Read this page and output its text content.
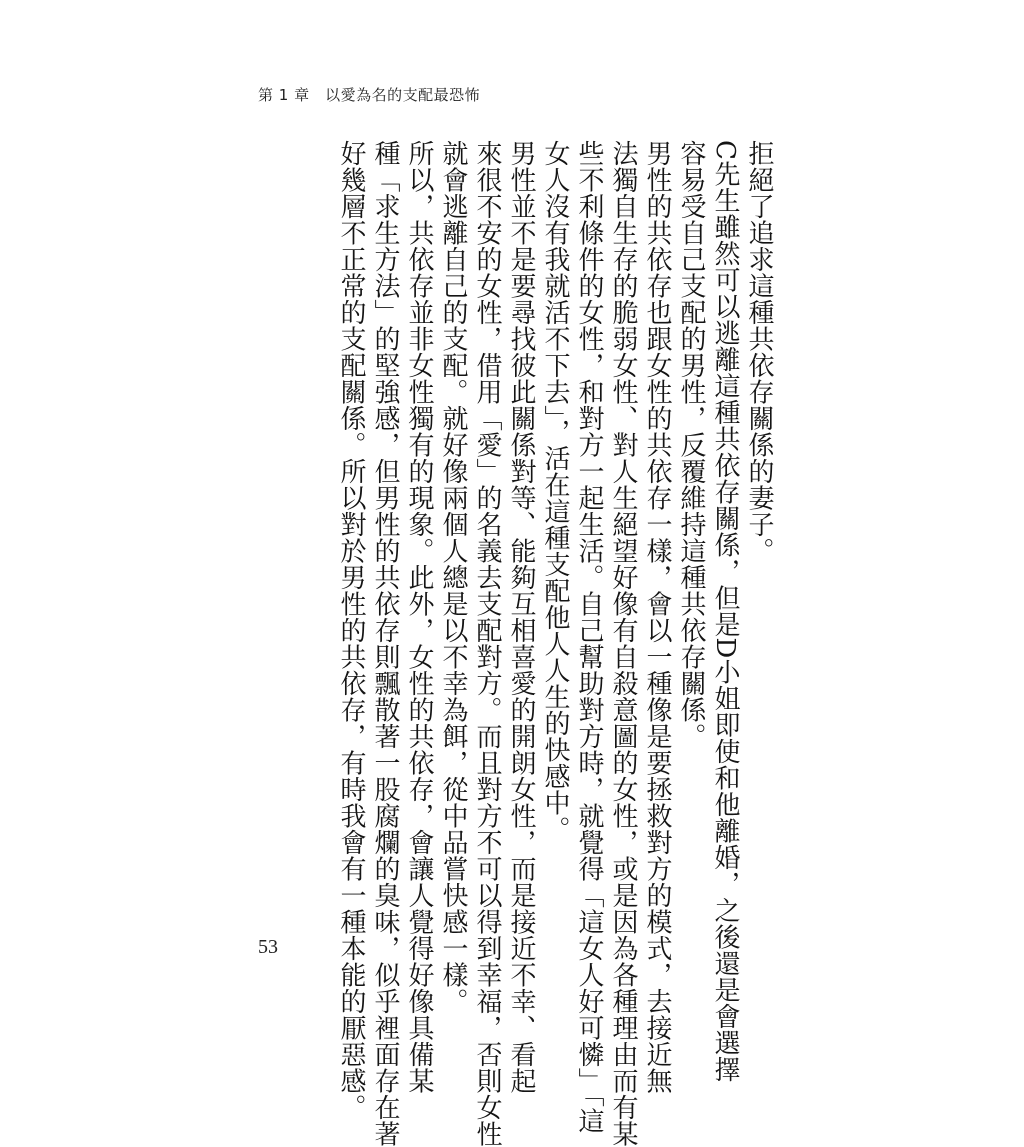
第 1 章　以愛為名的支配最恐怖

拒絕了追求這種共依存關係的妻子。

C先生雖然可以逃離這種共依存關係，但是D小姐即使和他離婚，之後還是會選擇

容易受自己支配的男性，反覆維持這種共依存關係。

男性的共依存也跟女性的共依存一樣，會以一種像是要拯救對方的模式，去接近無

法獨自生存的脆弱女性、對人生絕望好像有自殺意圖的女性，或是因為各種理由而有某

些不利條件的女性，和對方一起生活。自己幫助對方時，就覺得「這女人好可憐」「這

女人沒有我就活不下去」，活在這種支配他人人生的快感中。

男性並不是要尋找彼此關係對等、能夠互相喜愛的開朗女性，而是接近不幸、看起

來很不安的女性，借用「愛」的名義去支配對方。而且對方不可以得到幸福，否則女性

就會逃離自己的支配。就好像兩個人總是以不幸為餌，從中品嘗快感一樣。

所以，共依存並非女性獨有的現象。此外，女性的共依存，會讓人覺得好像具備某

種「求生方法」的堅強感，但男性的共依存則飄散著一股腐爛的臭味，似乎裡面存在著

好幾層不正常的支配關係。所以對於男性的共依存，有時我會有一種本能的厭惡感。

53
